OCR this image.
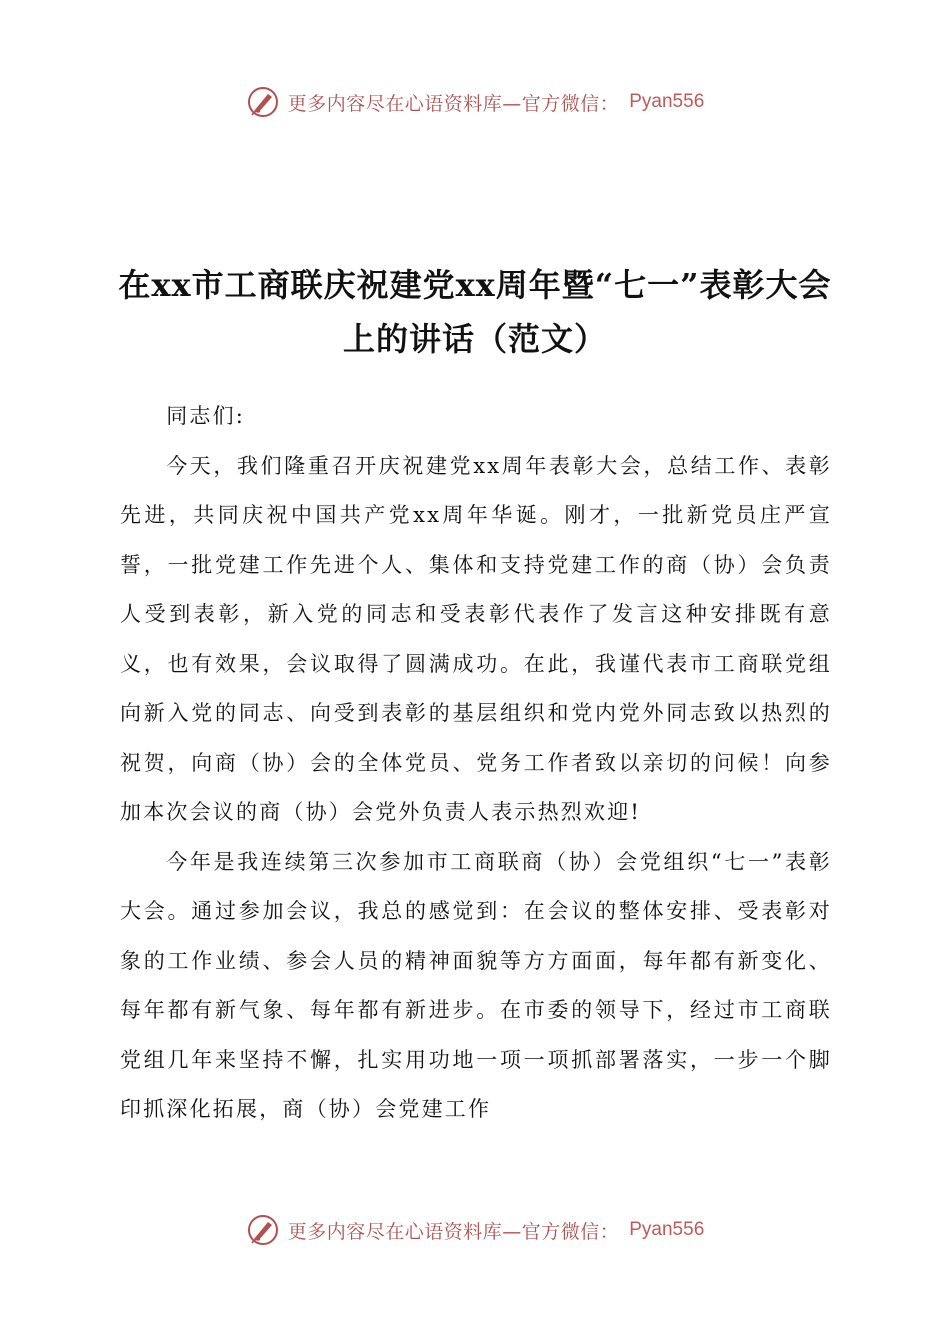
更多内容尽在心语资料库—官方微信： Pyan556
在xx市工商联庆祝建党xx周年暨“七一”表彰大会上的讲话（范文）

同志们:

今天，我们隆重召开庆祝建党xx周年表彰大会，总结工作、表彰先进，共同庆祝中国共产党xx周年华诞。刚才，一批新党员庄严宣誓，一批党建工作先进个人、集体和支持党建工作的商（协）会负责人受到表彰，新入党的同志和受表彰代表作了发言这种安排既有意义，也有效果，会议取得了圆满成功。在此，我谨代表市工商联党组向新入党的同志、向受到表彰的基层组织和党内党外同志致以热烈的祝贺，向商（协）会的全体党员、党务工作者致以亲切的问候！向参加本次会议的商（协）会党外负责人表示热烈欢迎!

今年是我连续第三次参加市工商联商（协）会党组织“七一”表彰大会。通过参加会议，我总的感觉到：在会议的整体安排、受表彰对象的工作业绩、参会人员的精神面貌等方方面面，每年都有新变化、每年都有新气象、每年都有新进步。在市委的领导下，经过市工商联党组几年来坚持不懈，扎实用功地一项一项抓部署落实，一步一个脚印抓深化拓展，商（协）会党建工作

更多内容尽在心语资料库—官方微信： Pyan556
